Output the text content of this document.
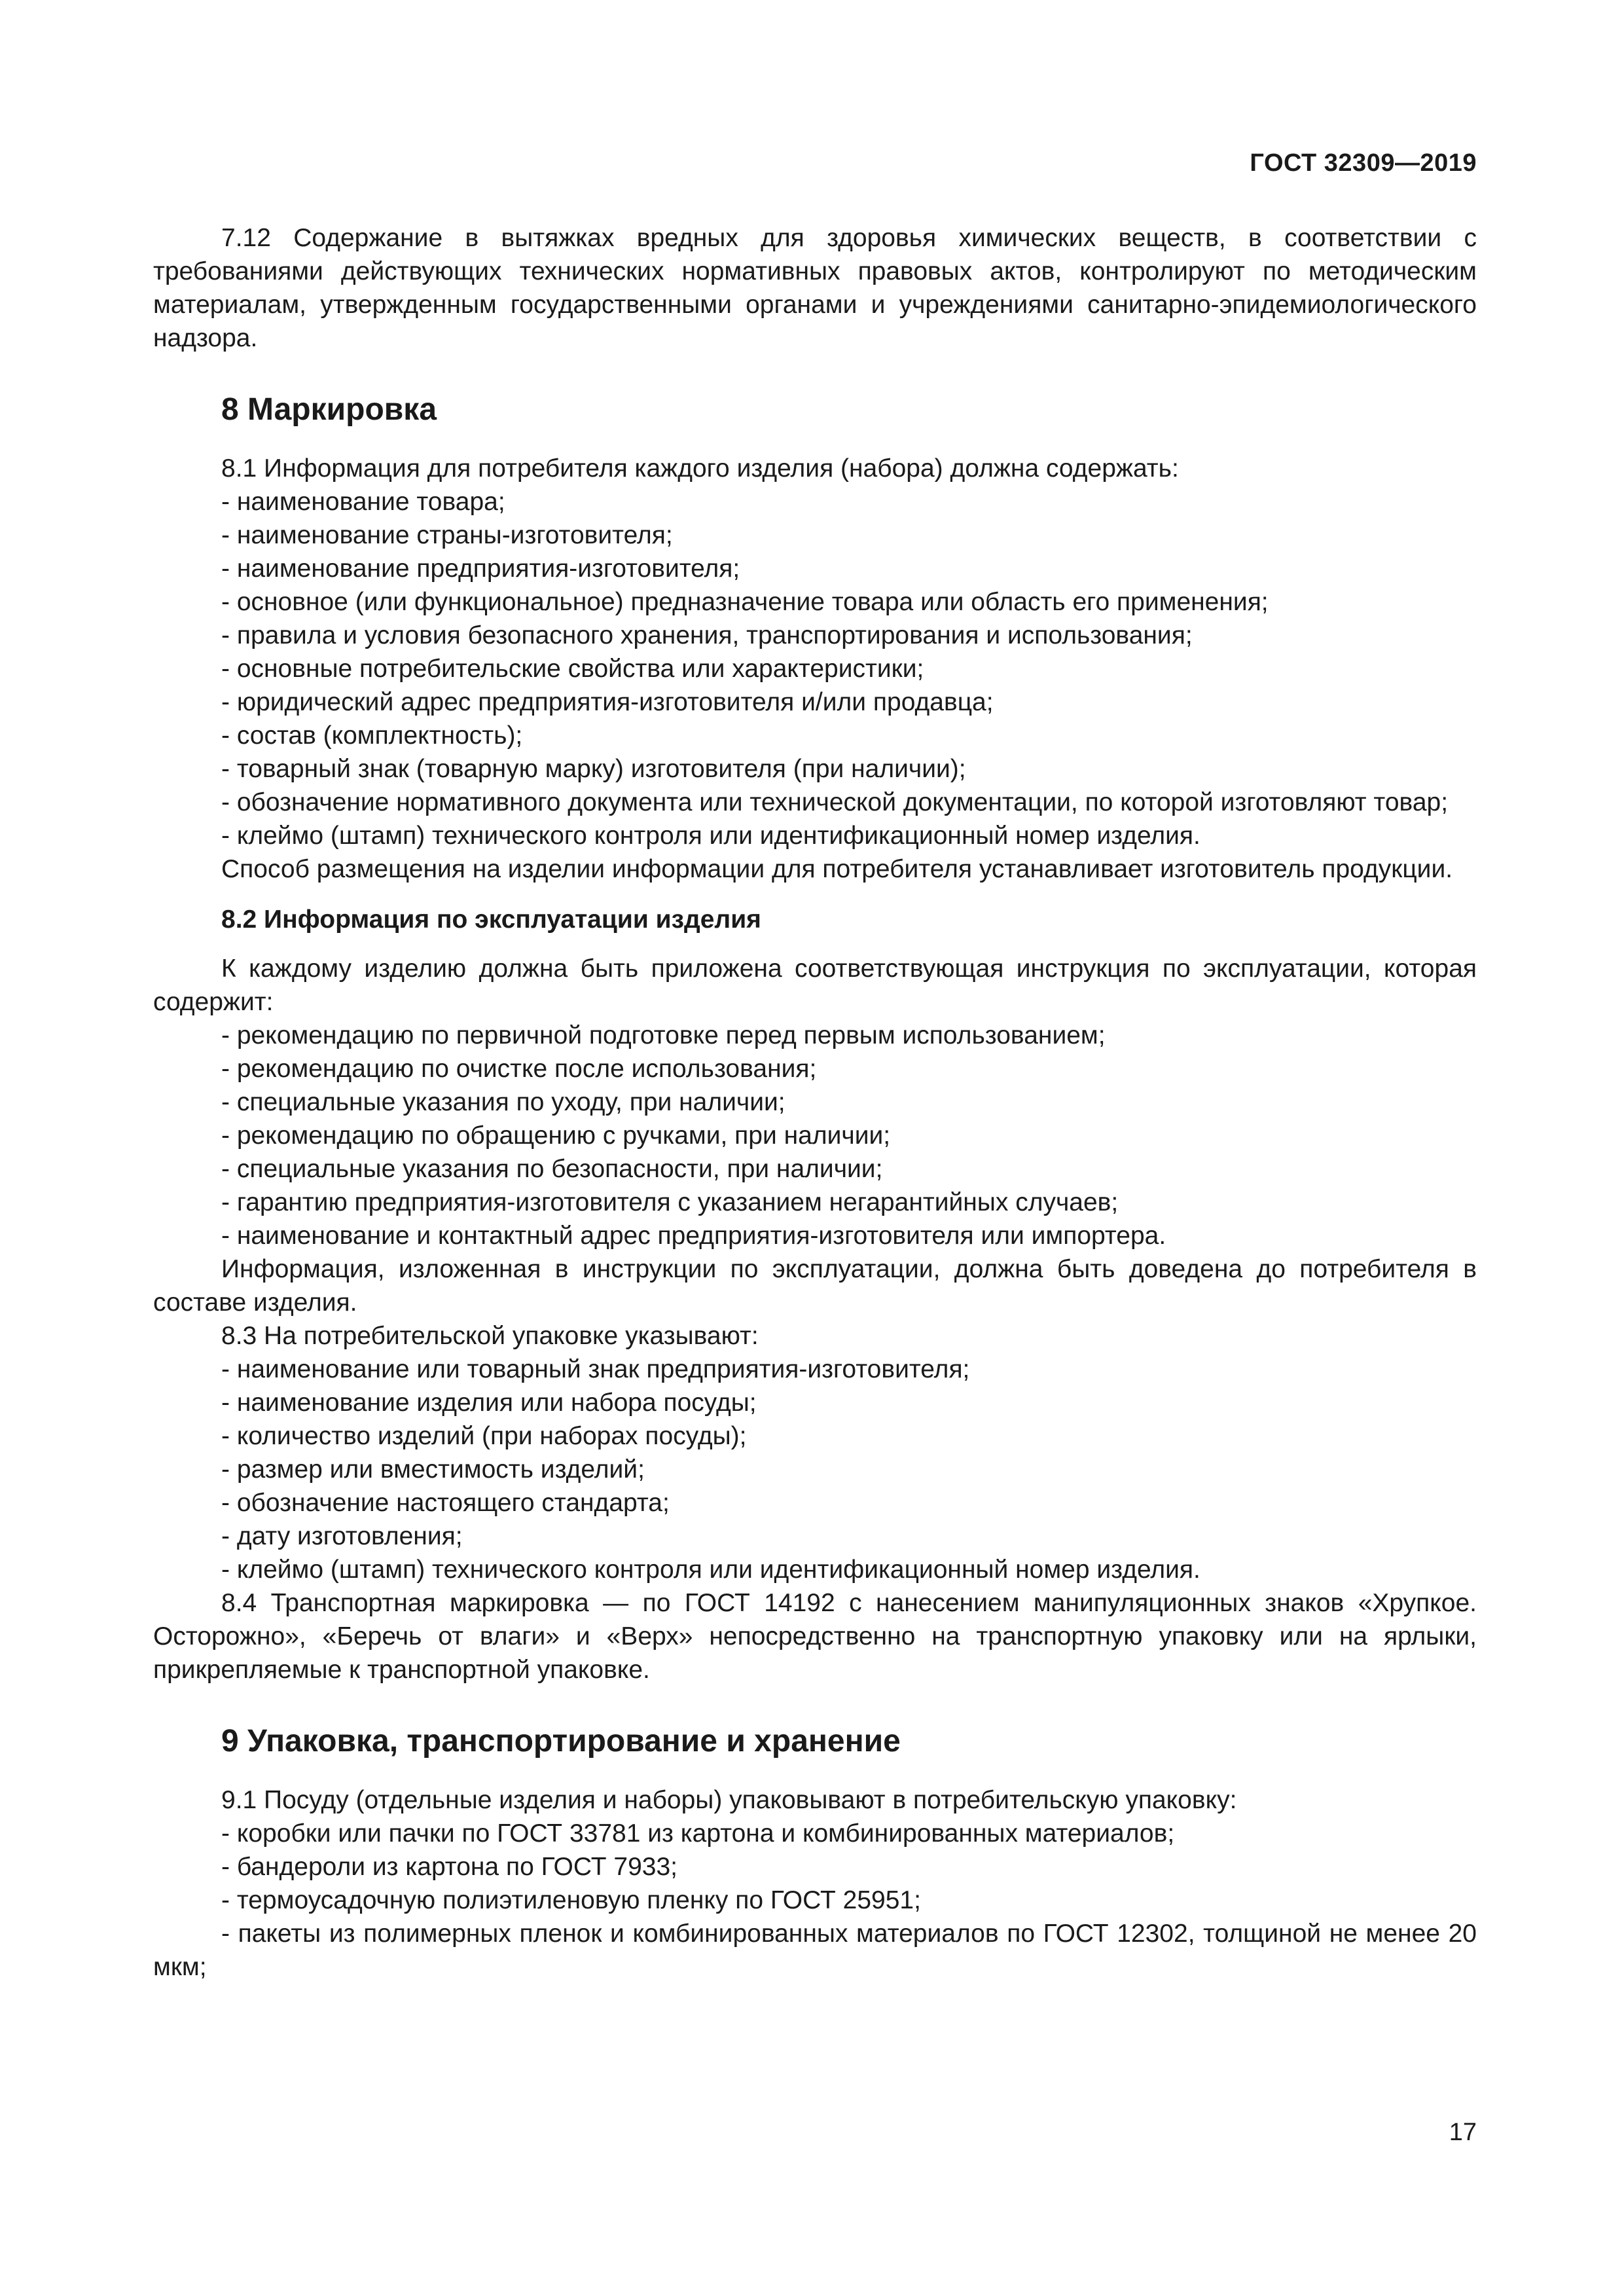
ГОСТ 32309—2019

7.12 Содержание в вытяжках вредных для здоровья химических веществ, в соответствии с требованиями действующих технических нормативных правовых актов, контролируют по методическим материалам, утвержденным государственными органами и учреждениями санитарно-эпидемиологического надзора.

8 Маркировка

8.1 Информация для потребителя каждого изделия (набора) должна содержать:

- наименование товара;

- наименование страны-изготовителя;

- наименование предприятия-изготовителя;

- основное (или функциональное) предназначение товара или область его применения;

- правила и условия безопасного хранения, транспортирования и использования;

- основные потребительские свойства или характеристики;

- юридический адрес предприятия-изготовителя и/или продавца;

- состав (комплектность);

- товарный знак (товарную марку) изготовителя (при наличии);

- обозначение нормативного документа или технической документации, по которой изготовляют товар;

- клеймо (штамп) технического контроля или идентификационный номер изделия.

Способ размещения на изделии информации для потребителя устанавливает изготовитель продукции.

8.2 Информация по эксплуатации изделия

К каждому изделию должна быть приложена соответствующая инструкция по эксплуатации, которая содержит:

- рекомендацию по первичной подготовке перед первым использованием;

- рекомендацию по очистке после использования;

- специальные указания по уходу, при наличии;

- рекомендацию по обращению с ручками, при наличии;

- специальные указания по безопасности, при наличии;

- гарантию предприятия-изготовителя с указанием негарантийных случаев;

- наименование и контактный адрес предприятия-изготовителя или импортера.

Информация, изложенная в инструкции по эксплуатации, должна быть доведена до потребителя в составе изделия.

8.3 На потребительской упаковке указывают:

- наименование или товарный знак предприятия-изготовителя;

- наименование изделия или набора посуды;

- количество изделий (при наборах посуды);

- размер или вместимость изделий;

- обозначение настоящего стандарта;

- дату изготовления;

- клеймо (штамп) технического контроля или идентификационный номер изделия.

8.4 Транспортная маркировка — по ГОСТ 14192 с нанесением манипуляционных знаков «Хрупкое. Осторожно», «Беречь от влаги» и «Верх» непосредственно на транспортную упаковку или на ярлыки, прикрепляемые к транспортной упаковке.

9 Упаковка, транспортирование и хранение

9.1 Посуду (отдельные изделия и наборы) упаковывают в потребительскую упаковку:

- коробки или пачки по ГОСТ 33781 из картона и комбинированных материалов;

- бандероли из картона по ГОСТ 7933;

- термоусадочную полиэтиленовую пленку по ГОСТ 25951;

- пакеты из полимерных пленок и комбинированных материалов по ГОСТ 12302, толщиной не менее 20 мкм;

17
